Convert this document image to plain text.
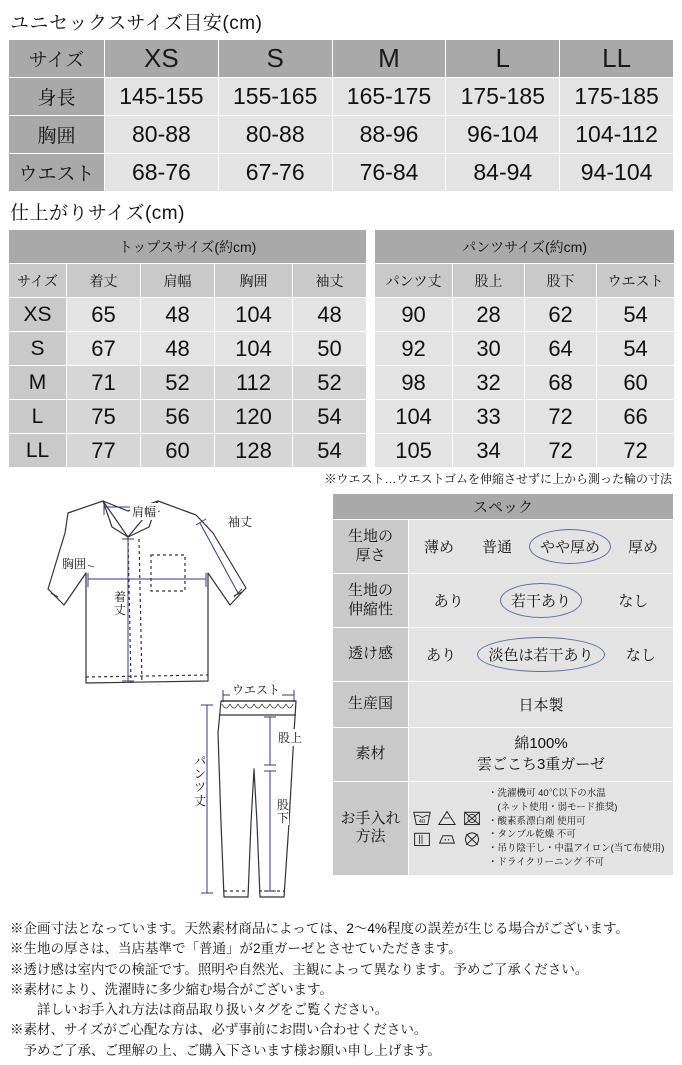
ユニセックスサイズ目安(cm)
サイズ	XS	S	M	L	LL
身長	145-155	155-165	165-175	175-185	175-185
胸囲	80-88	80-88	88-96	96-104	104-112
ウエスト	68-76	67-76	76-84	84-94	94-104
仕上がりサイズ(cm)
トップスサイズ(約cm)						パンツサイズ(約cm)			
サイズ	着丈	肩幅	胸囲	袖丈		パンツ丈	股上	股下	ウエスト
XS	65	48	104	48		90	28	62	54
S	67	48	104	50		92	30	64	54
M	71	52	112	52		98	32	68	60
L	75	56	120	54		104	33	72	66
LL	77	60	128	54		105	34	72	72
※ウエスト…ウエストゴムを伸縮させずに上から測った輪の寸法
肩幅
袖丈
胸囲
着丈
ウエスト
股上
パンツ丈	股下
スペック	

生地の
厚さ	薄め 普通 やや厚め 厚め

生地の
伸縮性	あり	若干あり	なし

透け感	あり 淡色は若干あり なし

生産国	日本製

素材	綿100%
雲ごこち3重ガーゼ

お手入れ
方法

40
・洗濯機可 40℃以下の水温
　(ネット使用・弱モード推奨)
・酸素系漂白剤 使用可
・タンブル乾燥 不可
・吊り陰干し・中温アイロン(当て布使用)
・ドライクリーニング 不可
※企画寸法となっています。天然素材商品によっては、2〜4%程度の誤差が生じる場合がございます。
※生地の厚さは、当店基準で「普通」が2重ガーゼとさせていただきます。
※透け感は室内での検証です。照明や自然光、主観によって異なります。予めご了承ください。
※素材により、洗濯時に多少縮む場合がございます。
　　詳しいお手入れ方法は商品取り扱いタグをご覧ください。
※素材、サイズがご心配な方は、必ず事前にお問い合わせください。
　予めご了承、ご理解の上、ご購入下さいます様お願い申し上げます。
